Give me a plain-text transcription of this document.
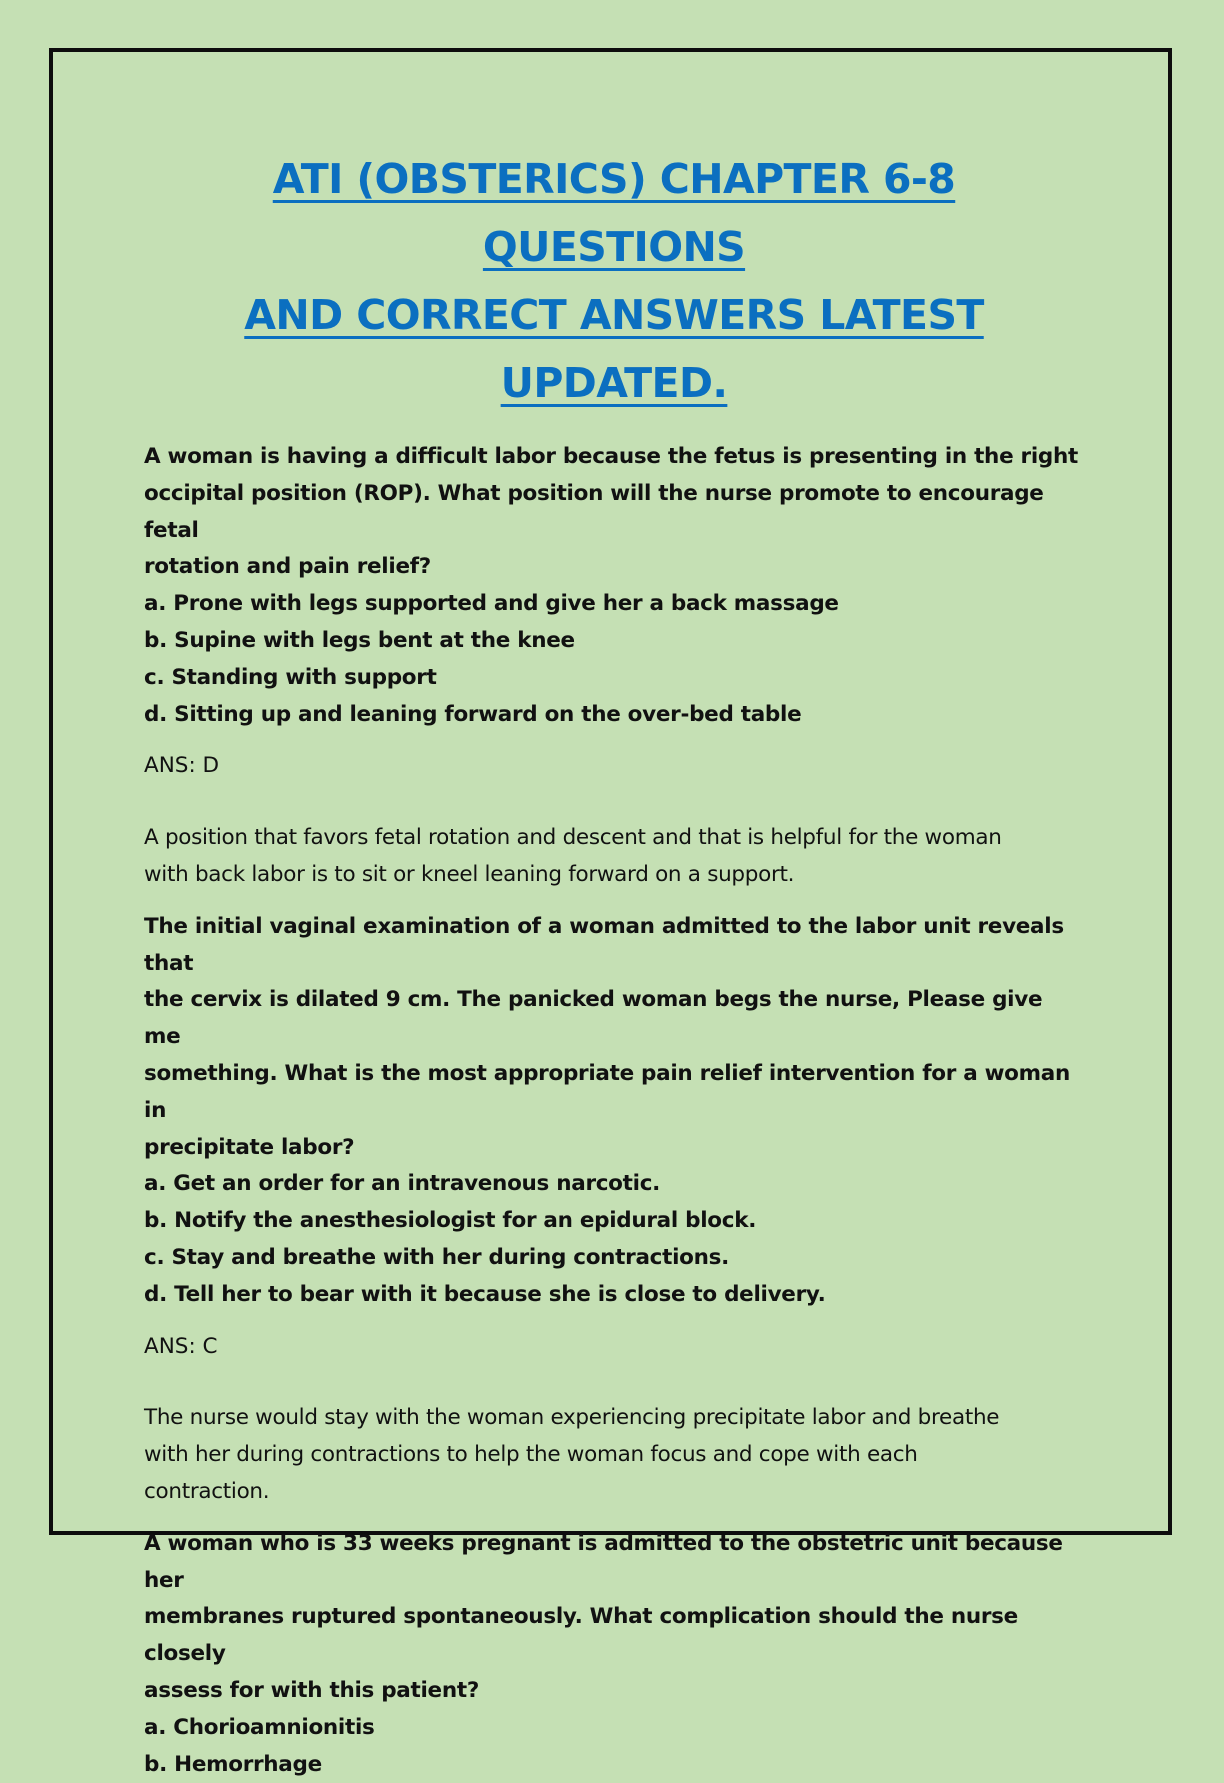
ATI (OBSTERICS) CHAPTER 6-8 QUESTIONS
AND CORRECT ANSWERS LATEST UPDATED.
A woman is having a difficult labor because the fetus is presenting in the right
occipital position (ROP). What position will the nurse promote to encourage fetal
rotation and pain relief?
a. Prone with legs supported and give her a back massage
b. Supine with legs bent at the knee
c. Standing with support
d. Sitting up and leaning forward on the over-bed table

ANS: D

A position that favors fetal rotation and descent and that is helpful for the woman
with back labor is to sit or kneel leaning forward on a support.

The initial vaginal examination of a woman admitted to the labor unit reveals that
the cervix is dilated 9 cm. The panicked woman begs the nurse, Please give me
something. What is the most appropriate pain relief intervention for a woman in
precipitate labor?
a. Get an order for an intravenous narcotic.
b. Notify the anesthesiologist for an epidural block.
c. Stay and breathe with her during contractions.
d. Tell her to bear with it because she is close to delivery.

ANS: C

The nurse would stay with the woman experiencing precipitate labor and breathe
with her during contractions to help the woman focus and cope with each
contraction.

A woman who is 33 weeks pregnant is admitted to the obstetric unit because her
membranes ruptured spontaneously. What complication should the nurse closely
assess for with this patient?
a. Chorioamnionitis
b. Hemorrhage
